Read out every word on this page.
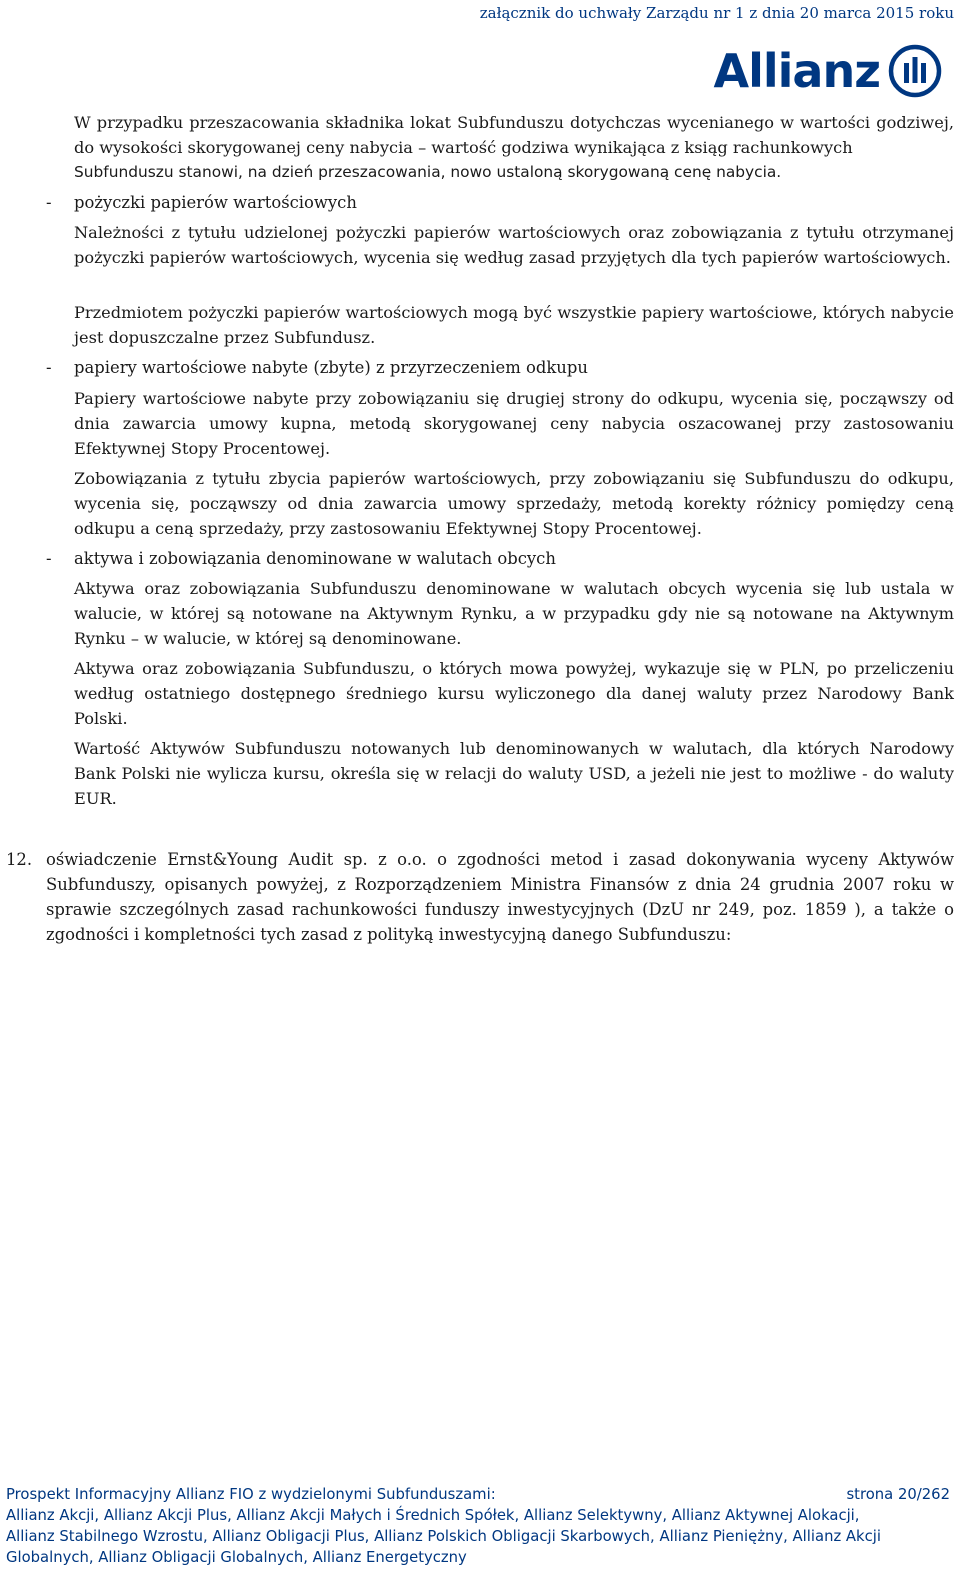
załącznik do uchwały Zarządu nr 1 z dnia 20 marca 2015 roku
Allianz

W przypadku przeszacowania składnika lokat Subfunduszu dotychczas wycenianego w wartości godziwej, do wysokości skorygowanej ceny nabycia – wartość godziwa wynikająca z ksiąg rachunkowych

Subfunduszu stanowi, na dzień przeszacowania, nowo ustaloną skorygowaną cenę nabycia.

- pożyczki papierów wartościowych

Należności z tytułu udzielonej pożyczki papierów wartościowych oraz zobowiązania z tytułu otrzymanej pożyczki papierów wartościowych, wycenia się według zasad przyjętych dla tych papierów wartościowych.

Przedmiotem pożyczki papierów wartościowych mogą być wszystkie papiery wartościowe, których nabycie jest dopuszczalne przez Subfundusz.

- papiery wartościowe nabyte (zbyte) z przyrzeczeniem odkupu

Papiery wartościowe nabyte przy zobowiązaniu się drugiej strony do odkupu, wycenia się, począwszy od dnia zawarcia umowy kupna, metodą skorygowanej ceny nabycia oszacowanej przy zastosowaniu Efektywnej Stopy Procentowej.

Zobowiązania z tytułu zbycia papierów wartościowych, przy zobowiązaniu się Subfunduszu do odkupu, wycenia się, począwszy od dnia zawarcia umowy sprzedaży, metodą korekty różnicy pomiędzy ceną odkupu a ceną sprzedaży, przy zastosowaniu Efektywnej Stopy Procentowej.

- aktywa i zobowiązania denominowane w walutach obcych

Aktywa oraz zobowiązania Subfunduszu denominowane w walutach obcych wycenia się lub ustala w walucie, w której są notowane na Aktywnym Rynku, a w przypadku gdy nie są notowane na Aktywnym Rynku – w walucie, w której są denominowane.

Aktywa oraz zobowiązania Subfunduszu, o których mowa powyżej, wykazuje się w PLN, po przeliczeniu według ostatniego dostępnego średniego kursu wyliczonego dla danej waluty przez Narodowy Bank Polski.

Wartość Aktywów Subfunduszu notowanych lub denominowanych w walutach, dla których Narodowy Bank Polski nie wylicza kursu, określa się w relacji do waluty USD, a jeżeli nie jest to możliwe - do waluty EUR.

12. oświadczenie Ernst&Young Audit sp. z o.o. o zgodności metod i zasad dokonywania wyceny Aktywów Subfunduszy, opisanych powyżej, z Rozporządzeniem Ministra Finansów z dnia 24 grudnia 2007 roku w sprawie szczególnych zasad rachunkowości funduszy inwestycyjnych (DzU nr 249, poz. 1859 ), a także o zgodności i kompletności tych zasad z polityką inwestycyjną danego Subfunduszu:

Prospekt Informacyjny Allianz FIO z wydzielonymi Subfunduszami:	strona 20/262
Allianz Akcji, Allianz Akcji Plus, Allianz Akcji Małych i Średnich Spółek, Allianz Selektywny, Allianz Aktywnej Alokacji,
Allianz Stabilnego Wzrostu, Allianz Obligacji Plus, Allianz Polskich Obligacji Skarbowych, Allianz Pieniężny, Allianz Akcji
Globalnych, Allianz Obligacji Globalnych, Allianz Energetyczny
